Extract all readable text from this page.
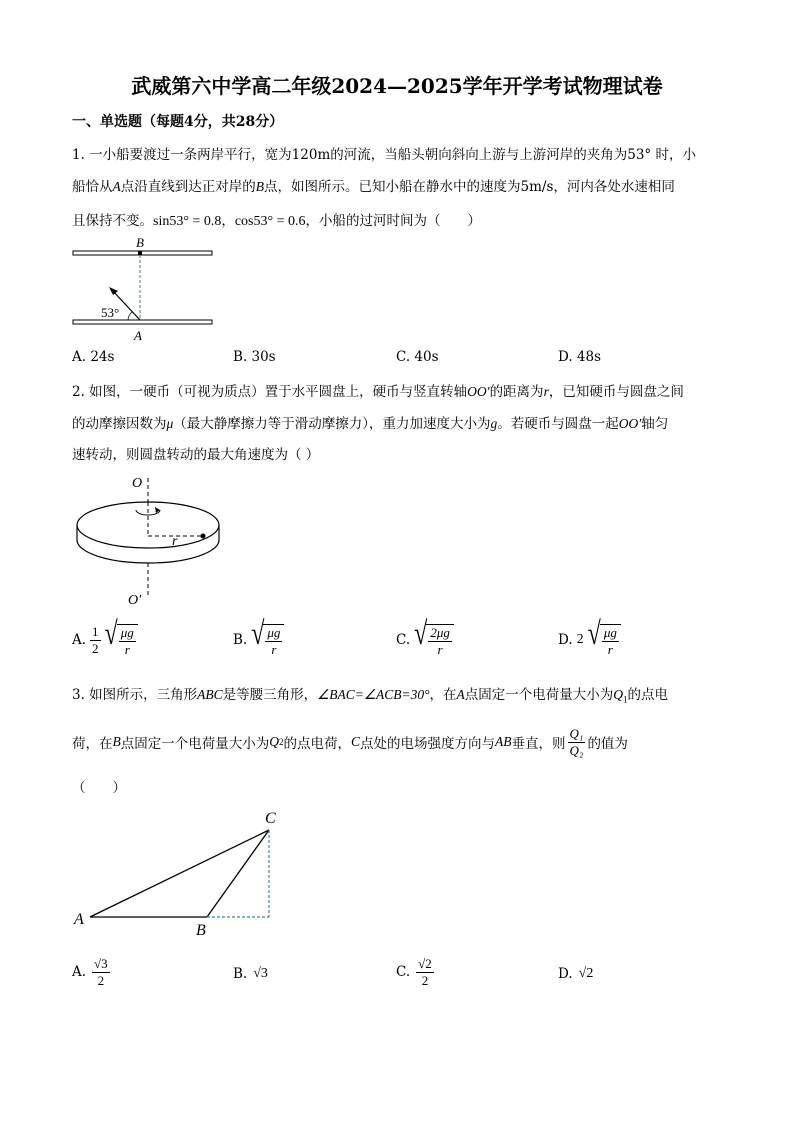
武威第六中学高二年级2024—2025学年开学考试物理试卷
一、单选题（每题4分，共28分）
1. 一小船要渡过一条两岸平行，宽为120m的河流，当船头朝向斜向上游与上游河岸的夹角为53° 时，小
船恰从A点沿直线到达正对岸的B点，如图所示。已知小船在静水中的速度为5m/s，河内各处水速相同
且保持不变。sin53° = 0.8，cos53° = 0.6，小船的过河时间为（　　）
B
A
53°
A. 24s	B. 30s	C. 40s	D. 48s
2. 如图，一硬币（可视为质点）置于水平圆盘上，硬币与竖直转轴OO'的距离为r，已知硬币与圆盘之间
的动摩擦因数为μ（最大静摩擦力等于滑动摩擦力），重力加速度大小为g。若硬币与圆盘一起OO′轴匀
速转动，则圆盘转动的最大角速度为（ ）
O
r
O′
A. $\frac{1}{2}$ √ $\frac{\mu g}{r}$	B. √ $\frac{\mu g}{r}$	C. √ $\frac{2\mu g}{r}$	D. 2 √ $\frac{\mu g}{r}$
3. 如图所示，三角形ABC是等腰三角形，∠BAC=∠ACB=30°，在A点固定一个电荷量大小为$Q_1$的点电
荷，在 B 点固定一个电荷量大小为 Q 2 的点电荷， C 点处的电场强度方向与 AB 垂直，则 $\frac{\text{Q₁}}{\text{Q₂}}$ 的值为
（　　）
A
B
C
A. $\frac{√3}{2}$	B. √3	C. $\frac{√2}{2}$	D. √2
